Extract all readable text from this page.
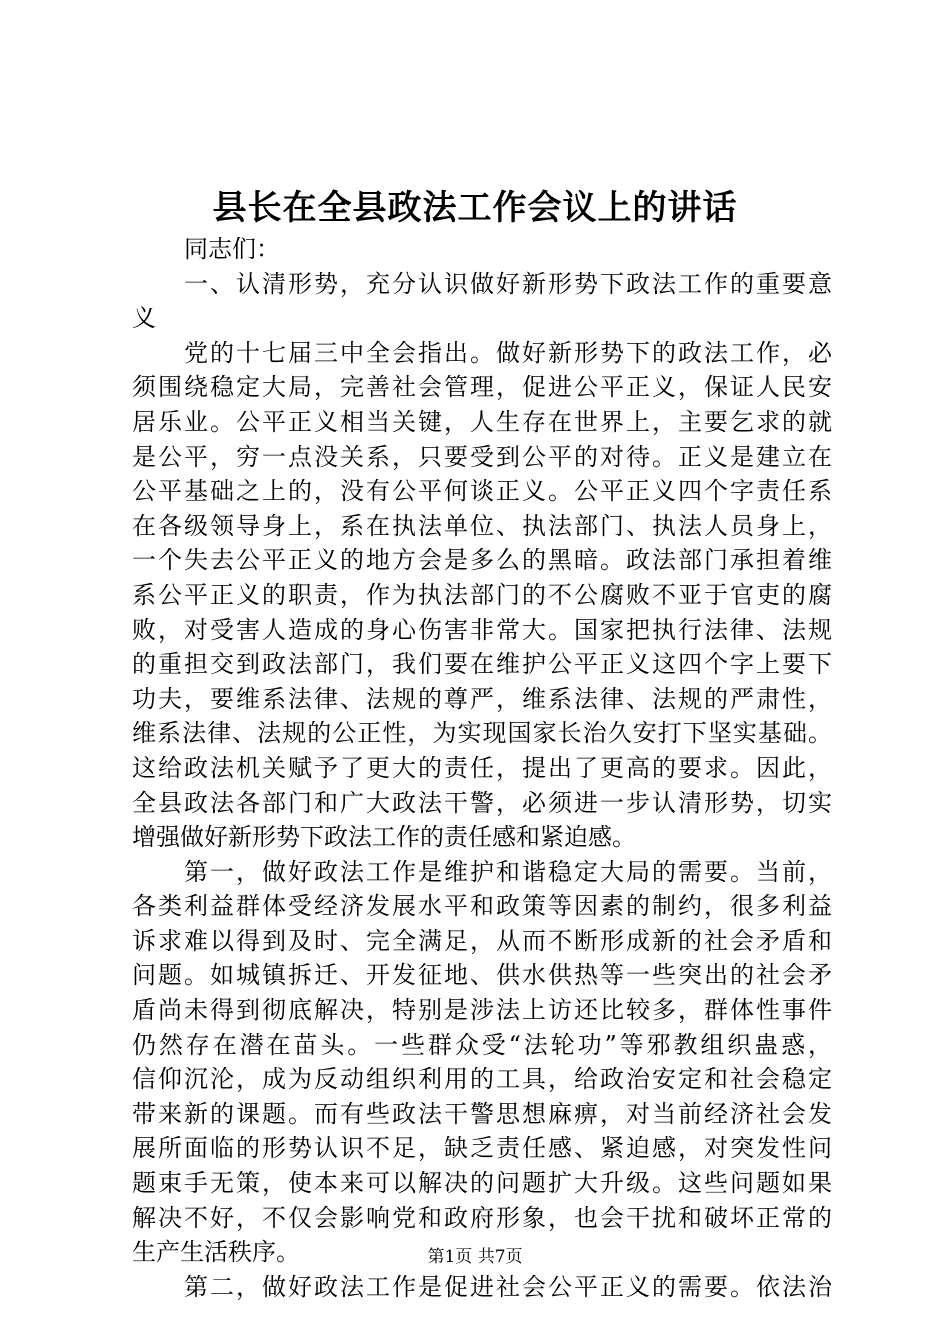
县长在全县政法工作会议上的讲话
同志们：
一、认清形势，充分认识做好新形势下政法工作的重要意
义
党的十七届三中全会指出。做好新形势下的政法工作，必
须围绕稳定大局，完善社会管理，促进公平正义，保证人民安
居乐业。公平正义相当关键，人生存在世界上，主要乞求的就
是公平，穷一点没关系，只要受到公平的对待。正义是建立在
公平基础之上的，没有公平何谈正义。公平正义四个字责任系
在各级领导身上，系在执法单位、执法部门、执法人员身上，
一个失去公平正义的地方会是多么的黑暗。政法部门承担着维
系公平正义的职责，作为执法部门的不公腐败不亚于官吏的腐
败，对受害人造成的身心伤害非常大。国家把执行法律、法规
的重担交到政法部门，我们要在维护公平正义这四个字上要下
功夫，要维系法律、法规的尊严，维系法律、法规的严肃性，
维系法律、法规的公正性，为实现国家长治久安打下坚实基础。
这给政法机关赋予了更大的责任，提出了更高的要求。因此，
全县政法各部门和广大政法干警，必须进一步认清形势，切实
增强做好新形势下政法工作的责任感和紧迫感。
第一，做好政法工作是维护和谐稳定大局的需要。当前，
各类利益群体受经济发展水平和政策等因素的制约，很多利益
诉求难以得到及时、完全满足，从而不断形成新的社会矛盾和
问题。如城镇拆迁、开发征地、供水供热等一些突出的社会矛
盾尚未得到彻底解决，特别是涉法上访还比较多，群体性事件
仍然存在潜在苗头。一些群众受“法轮功”等邪教组织蛊惑，
信仰沉沦，成为反动组织利用的工具，给政治安定和社会稳定
带来新的课题。而有些政法干警思想麻痹，对当前经济社会发
展所面临的形势认识不足，缺乏责任感、紧迫感，对突发性问
题束手无策，使本来可以解决的问题扩大升级。这些问题如果
解决不好，不仅会影响党和政府形象，也会干扰和破坏正常的
生产生活秩序。
第二，做好政法工作是促进社会公平正义的需要。依法治
第1页 共7页
